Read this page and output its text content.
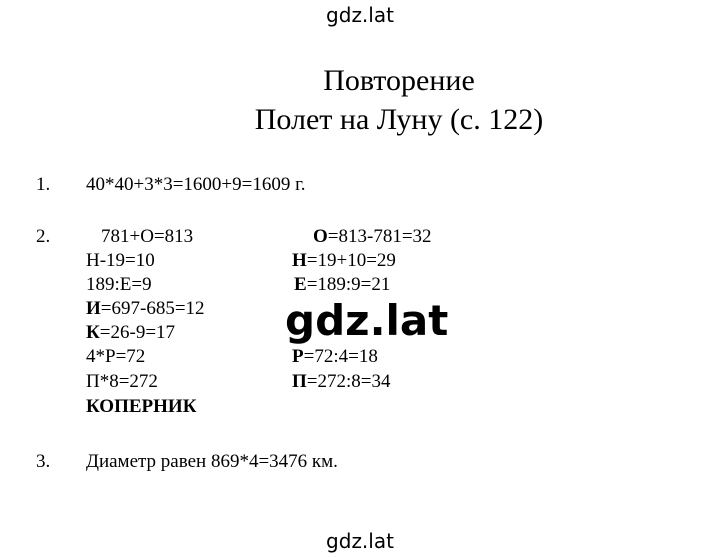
gdz.lat
Повторение
Полет на Луну (с. 122)
1. 40*40+3*3=1600+9=1609 г.
2.	781+О=813	О=813-781=32
Н-19=10	Н=19+10=29
189:Е=9	Е=189:9=21
И=697-685=12
К=26-9=17
4*Р=72	Р=72:4=18
П*8=272	П=272:8=34
КОПЕРНИК
3. Диаметр равен 869*4=3476 км.
gdz.lat
gdz.lat
